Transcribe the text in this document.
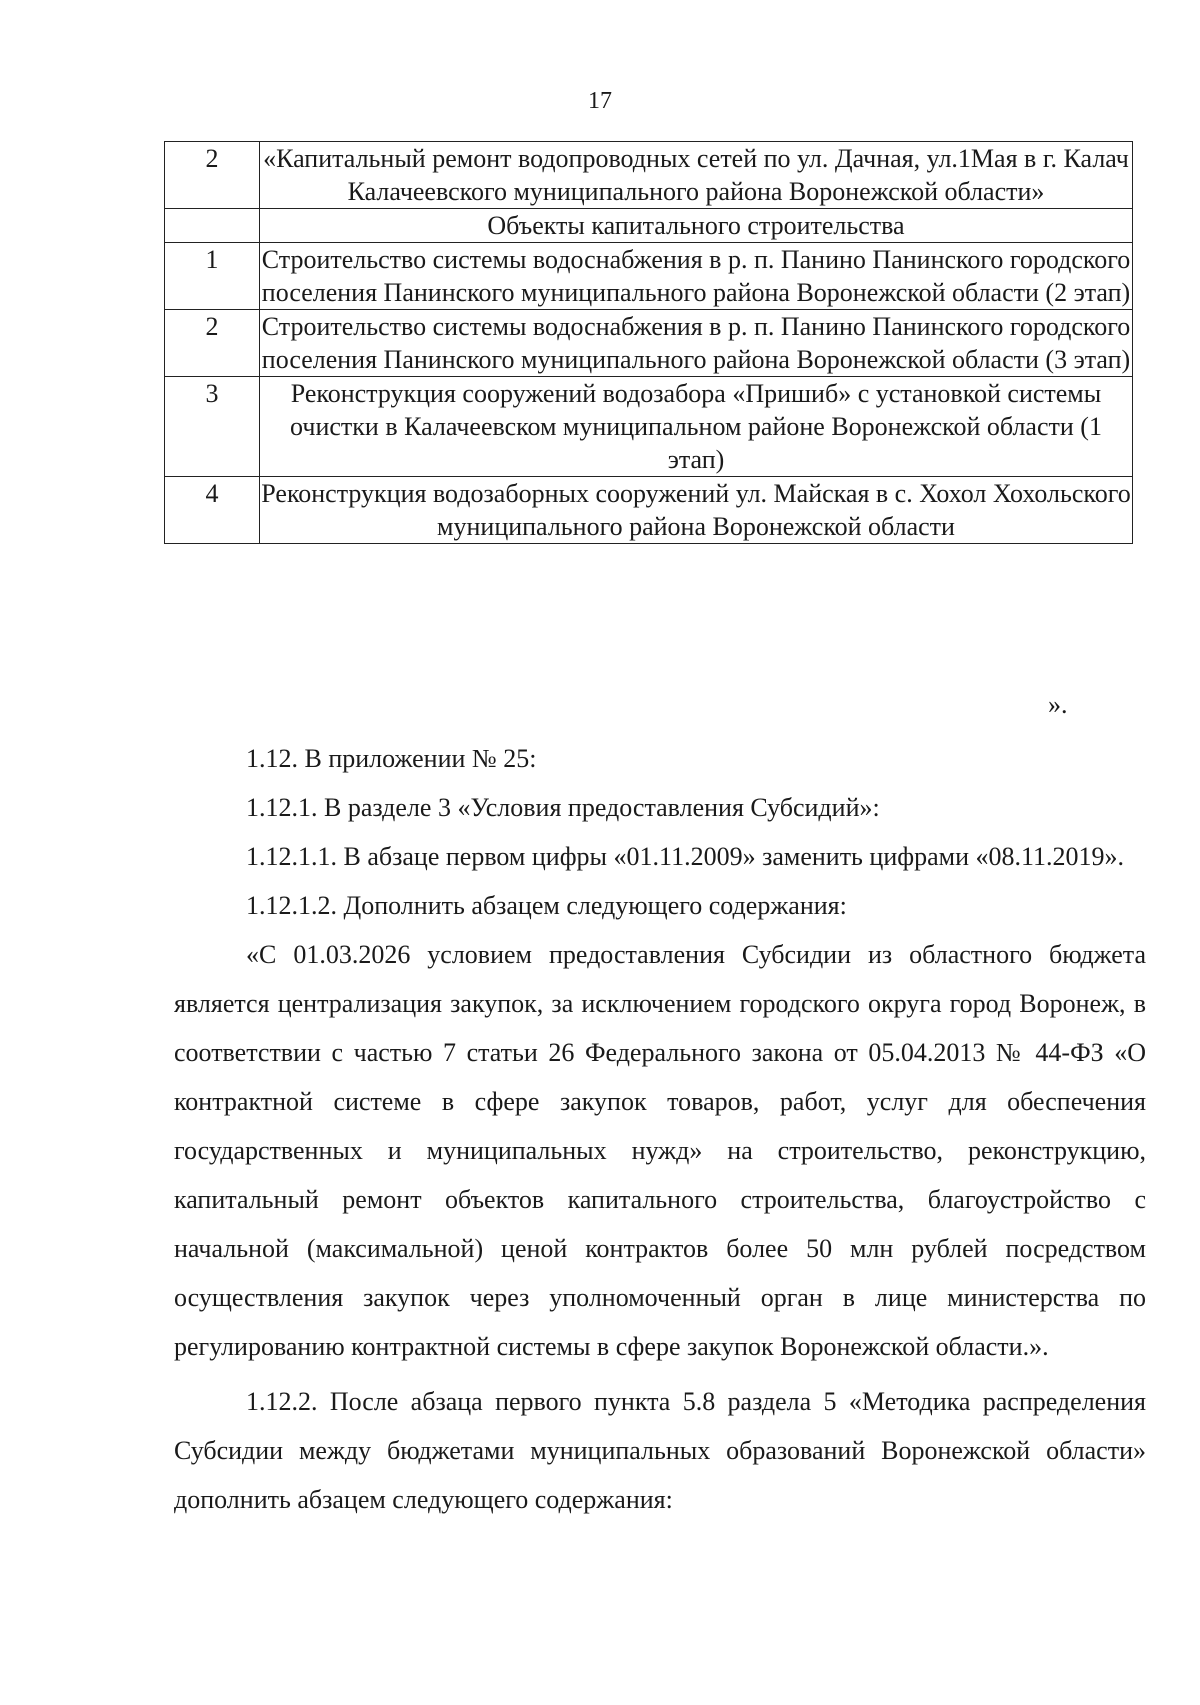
17
2	«Капитальный ремонт водопроводных сетей по ул. Дачная, ул.1Мая в г. Калач Калачеевского муниципального района Воронежской области»
	Объекты капитального строительства
1	Строительство системы водоснабжения в р. п. Панино Панинского городского поселения Панинского муниципального района Воронежской области (2 этап)
2	Строительство системы водоснабжения в р. п. Панино Панинского городского поселения Панинского муниципального района Воронежской области (3 этап)
3	Реконструкция сооружений водозабора «Пришиб» с установкой системы очистки в Калачеевском муниципальном районе Воронежской области (1 этап)
4	Реконструкция водозаборных сооружений ул. Майская в с. Хохол Хохольского муниципального района Воронежской области
».

1.12. В приложении № 25:

1.12.1. В разделе 3 «Условия предоставления Субсидий»:

1.12.1.1. В абзаце первом цифры «01.11.2009» заменить цифрами «08.11.2019».

1.12.1.2. Дополнить абзацем следующего содержания:

«С 01.03.2026 условием предоставления Субсидии из областного бюджета является централизация закупок, за исключением городского округа город Воронеж, в соответствии с частью 7 статьи 26 Федерального закона от 05.04.2013 № 44-ФЗ «О контрактной системе в сфере закупок товаров, работ, услуг для обеспечения государственных и муниципальных нужд» на строительство, реконструкцию, капитальный ремонт объектов капитального строительства, благоустройство с начальной (максимальной) ценой контрактов более 50 млн рублей посредством осуществления закупок через уполномоченный орган в лице министерства по регулированию контрактной системы в сфере закупок Воронежской области.».

1.12.2. После абзаца первого пункта 5.8 раздела 5 «Методика распределения Субсидии между бюджетами муниципальных образований Воронежской области» дополнить абзацем следующего содержания:
